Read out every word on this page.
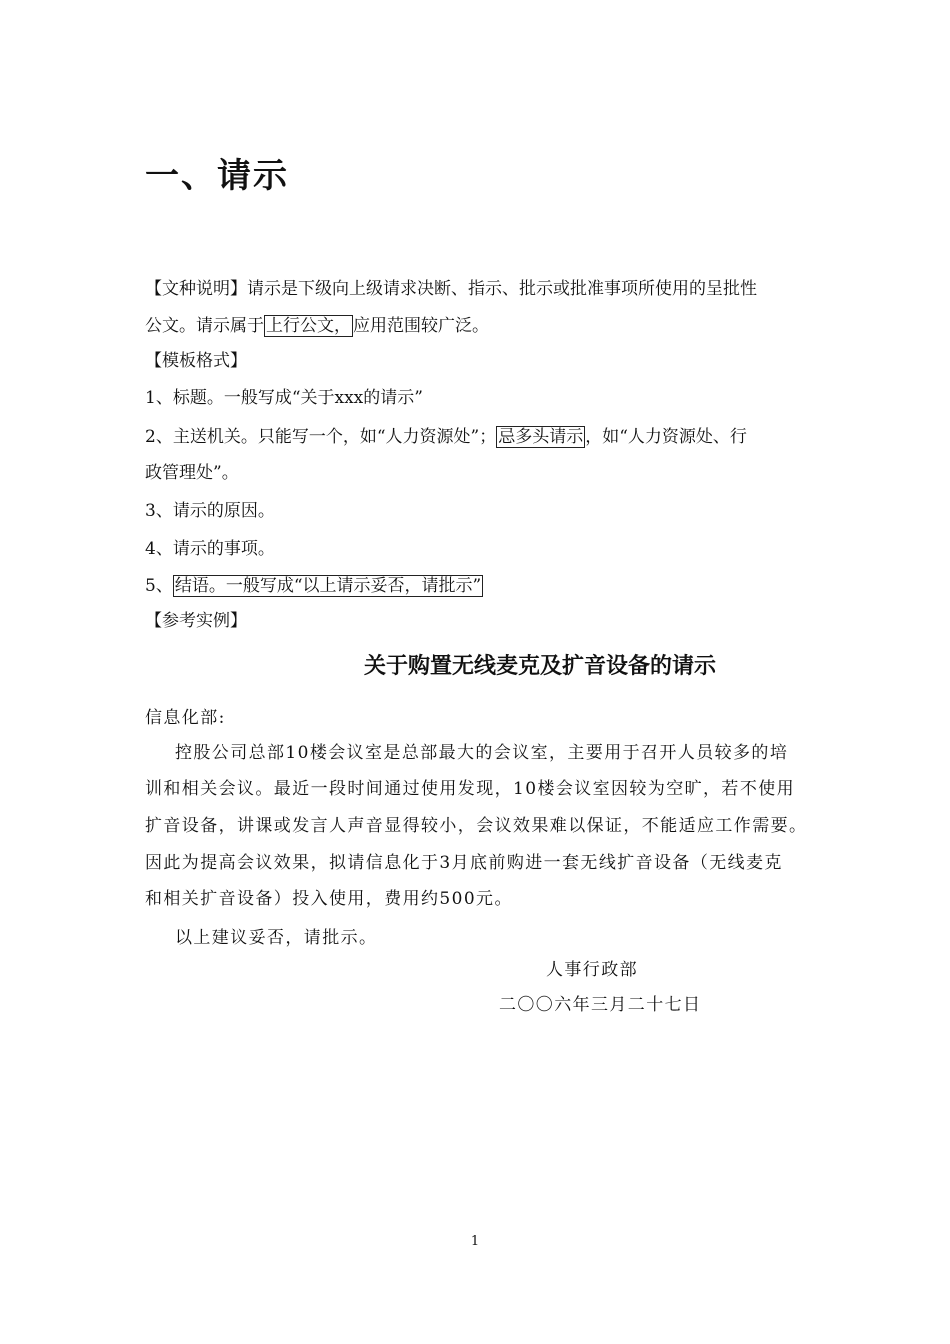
一、请示
【文种说明】请示是下级向上级请求决断、指示、批示或批准事项所使用的呈批性
公文。请示属于 上行公文， 应用范围较广泛。
【模板格式】
1、标题。一般写成“关于xxx的请示”
2、主送机关。只能写一个，如“人力资源处”； 忌多头请示 ，如“人力资源处、行
政管理处”。
3、请示的原因。
4、请示的事项。
5、 结语。一般写成“以上请示妥否，请批示”
【参考实例】
关于购置无线麦克及扩音设备的请示
信息化部:
控股公司总部10楼会议室是总部最大的会议室，主要用于召开人员较多的培
训和相关会议。最近一段时间通过使用发现，10楼会议室因较为空旷，若不使用
扩音设备，讲课或发言人声音显得较小，会议效果难以保证，不能适应工作需要。
因此为提高会议效果，拟请信息化于3月底前购进一套无线扩音设备（无线麦克
和相关扩音设备）投入使用，费用约500元。
以上建议妥否，请批示。
人事行政部
二〇〇六年三月二十七日
1
